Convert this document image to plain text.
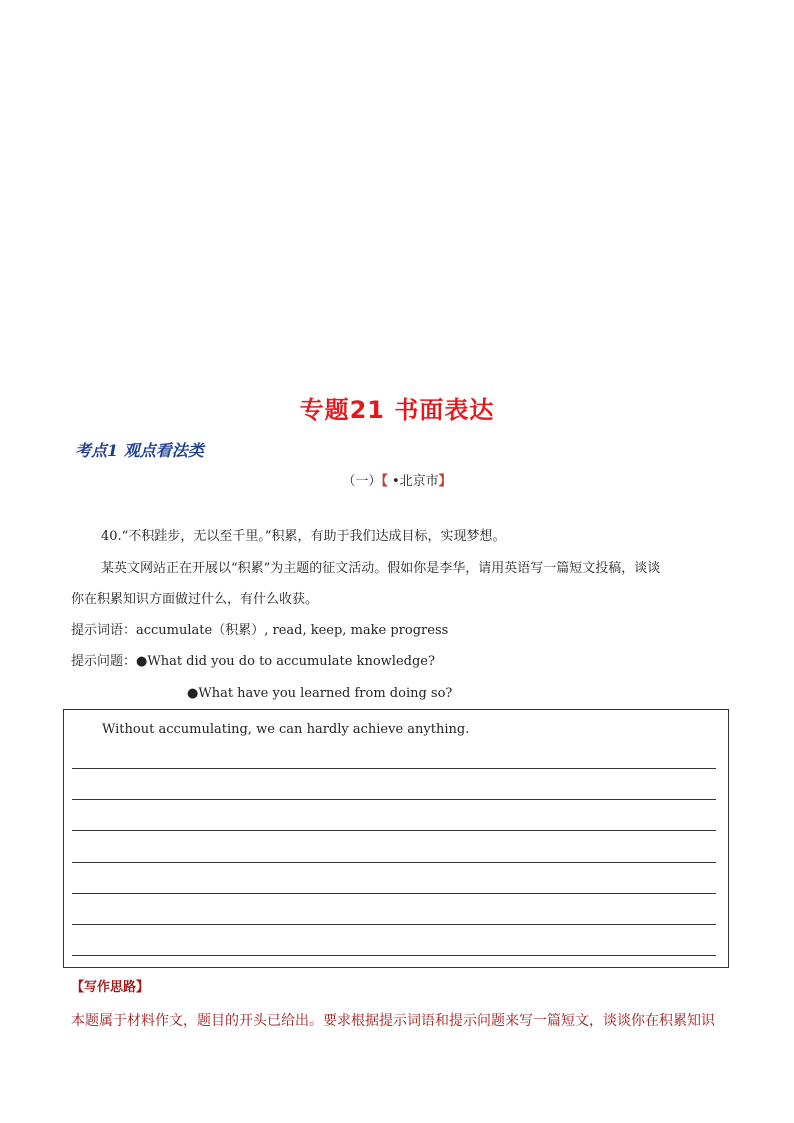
专题21 书面表达
考点1 观点看法类
（一）【 •北京市】
40.“不积跬步，无以至千里。”积累，有助于我们达成目标，实现梦想。
某英文网站正在开展以“积累”为主题的征文活动。假如你是李华，请用英语写一篇短文投稿，谈谈
你在积累知识方面做过什么，有什么收获。
提示词语：accumulate（积累）, read, keep, make progress
提示问题：●What did you do to accumulate knowledge?
●What have you learned from doing so?
Without accumulating, we can hardly achieve anything.
【写作思路】
本题属于材料作文，题目的开头已给出。要求根据提示词语和提示问题来写一篇短文，谈谈你在积累知识
